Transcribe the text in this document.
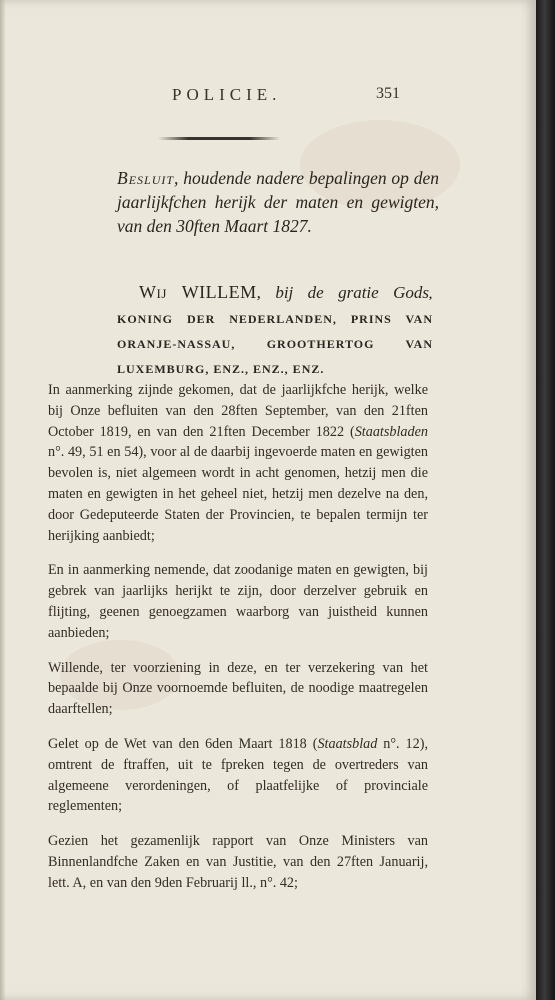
POLICIE.	351
Besluit, houdende nadere bepalingen op den jaarlijkfchen herijk der maten en gewigten, van den 30ften Maart 1827.
Wij WILLEM, bij de gratie Gods, KONING DER NEDERLANDEN, PRINS VAN ORANJE-NASSAU, GROOTHERTOG VAN LUXEMBURG, ENZ., ENZ., ENZ.

In aanmerking zijnde gekomen, dat de jaarlijkfche herijk, welke bij Onze befluiten van den 28ften September, van den 21ften October 1819, en van den 21ften December 1822 (Staatsbladen n°. 49, 51 en 54), voor al de daarbij ingevoerde maten en gewigten bevolen is, niet algemeen wordt in acht genomen, hetzij men die maten en gewigten in het geheel niet, hetzij men dezelve na den, door Gedeputeerde Staten der Provincien, te bepalen termijn ter herijking aanbiedt;

En in aanmerking nemende, dat zoodanige maten en gewigten, bij gebrek van jaarlijks herijkt te zijn, door derzelver gebruik en flijting, geenen genoegzamen waarborg van juistheid kunnen aanbieden;

Willende, ter voorziening in deze, en ter verzekering van het bepaalde bij Onze voornoemde befluiten, de noodige maatregelen daarftellen;

Gelet op de Wet van den 6den Maart 1818 (Staatsblad n°. 12), omtrent de ftraffen, uit te fpreken tegen de overtreders van algemeene verordeningen, of plaatfelijke of provinciale reglementen;

Gezien het gezamenlijk rapport van Onze Ministers van Binnenlandfche Zaken en van Justitie, van den 27ften Januarij, lett. A, en van den 9den Februarij ll., n°. 42;
